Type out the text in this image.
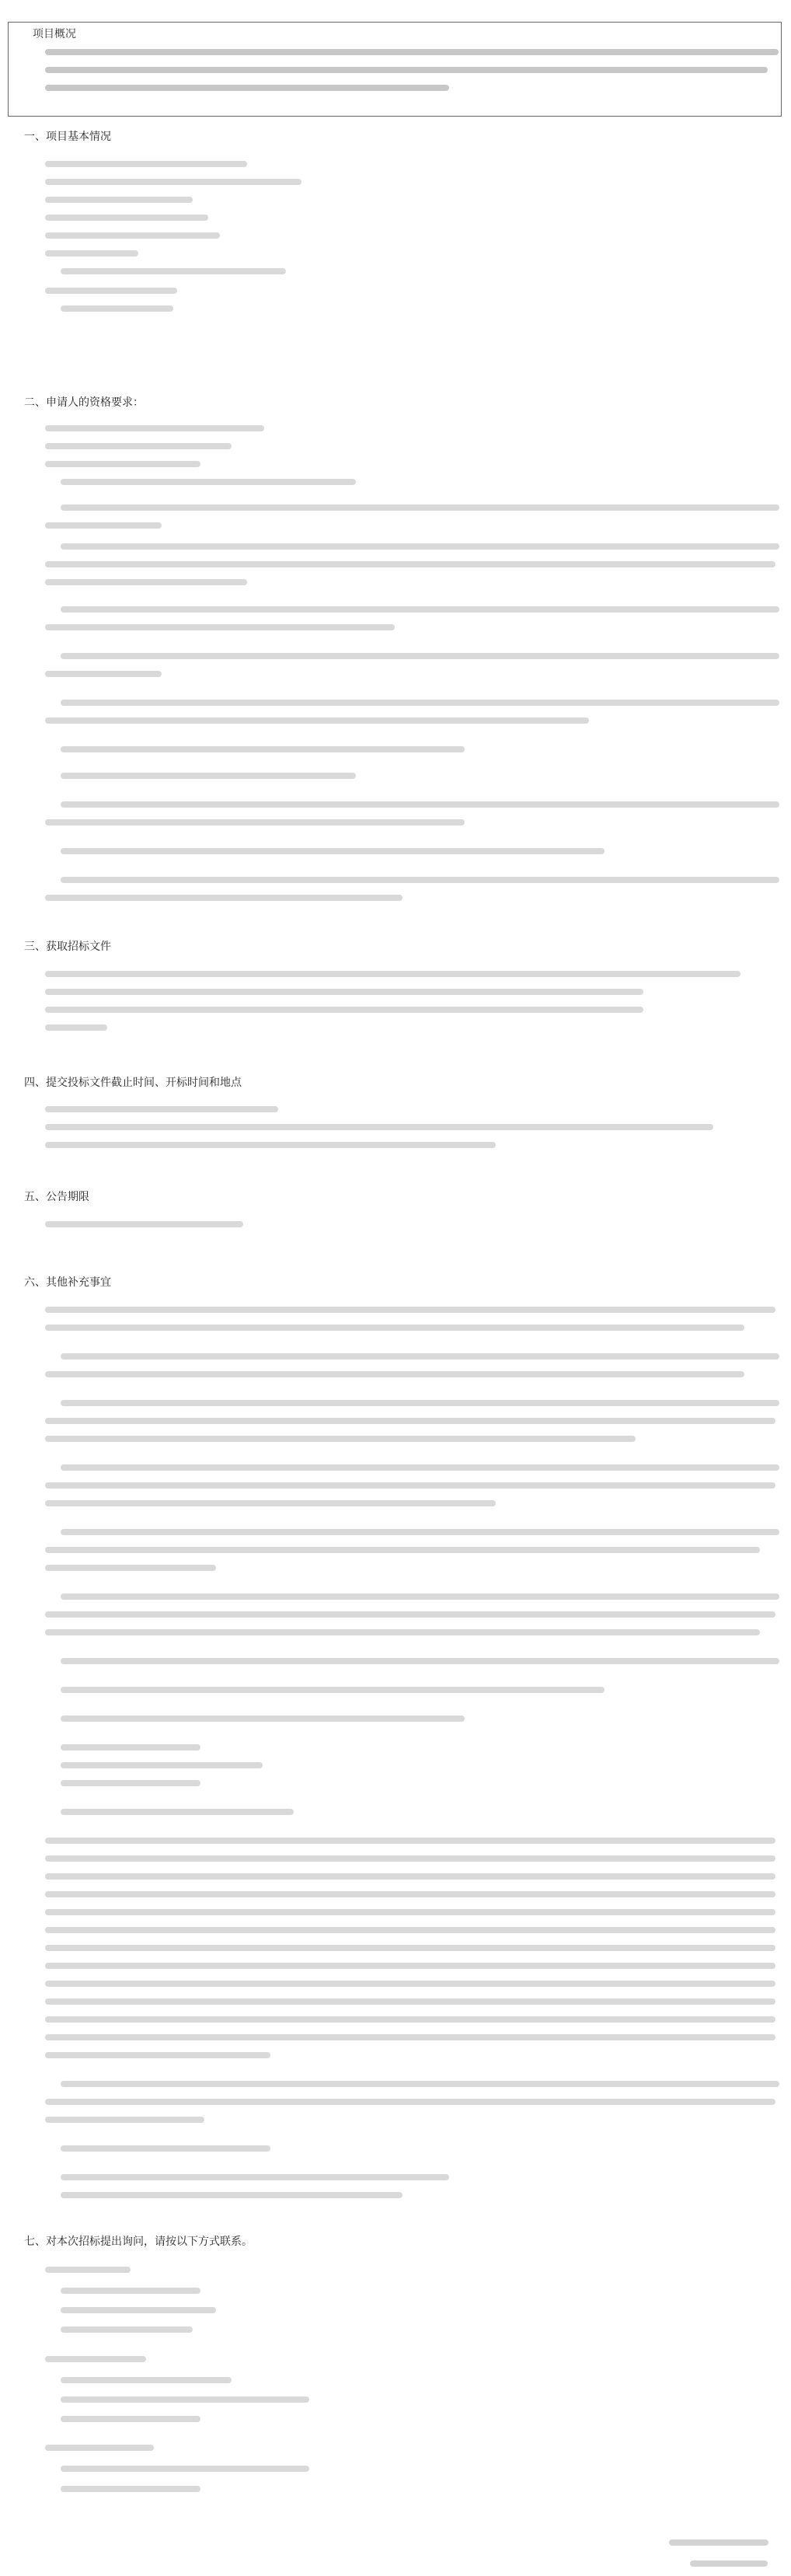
项目概况
一、项目基本情况
二、申请人的资格要求：
三、获取招标文件
四、提交投标文件截止时间、开标时间和地点
五、公告期限
六、其他补充事宜
七、对本次招标提出询问，请按以下方式联系。
